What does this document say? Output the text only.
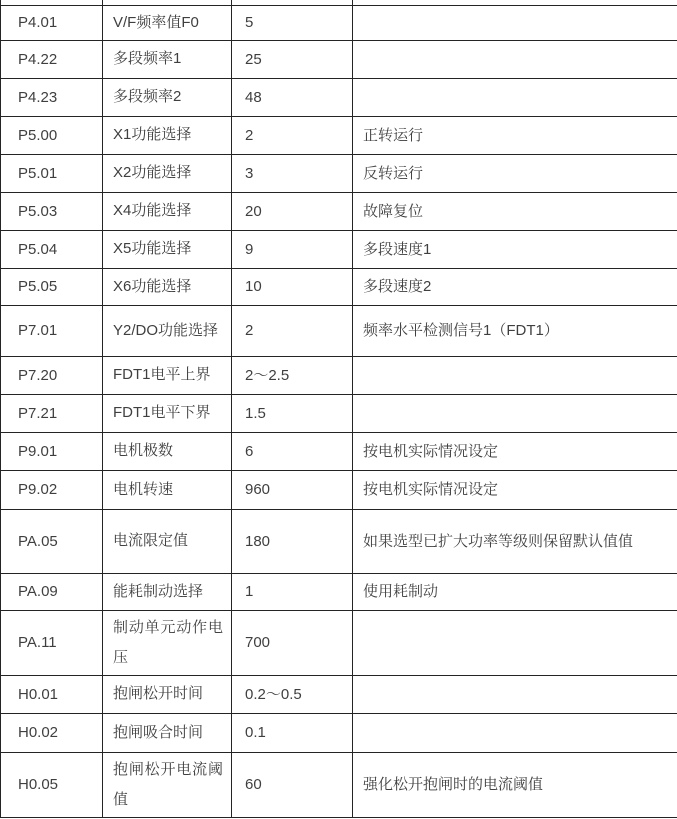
P4.01	V/F频率值F0	5	
P4.22	多段频率1	25	
P4.23	多段频率2	48	
P5.00	X1功能选择	2	正转运行
P5.01	X2功能选择	3	反转运行
P5.03	X4功能选择	20	故障复位
P5.04	X5功能选择	9	多段速度1
P5.05	X6功能选择	10	多段速度2
P7.01	Y2/DO功能选择	2	频率水平检测信号1（FDT1）
P7.20	FDT1电平上界	2～2.5	
P7.21	FDT1电平下界	1.5	
P9.01	电机极数	6	按电机实际情况设定
P9.02	电机转速	960	按电机实际情况设定
PA.05	电流限定值	180	如果选型已扩大功率等级则保留默认值值
PA.09	能耗制动选择	1	使用耗制动
PA.11	制动单元动作电压	700	
H0.01	抱闸松开时间	0.2～0.5	
H0.02	抱闸吸合时间	0.1	
H0.05	抱闸松开电流阈值	60	强化松开抱闸时的电流阈值
